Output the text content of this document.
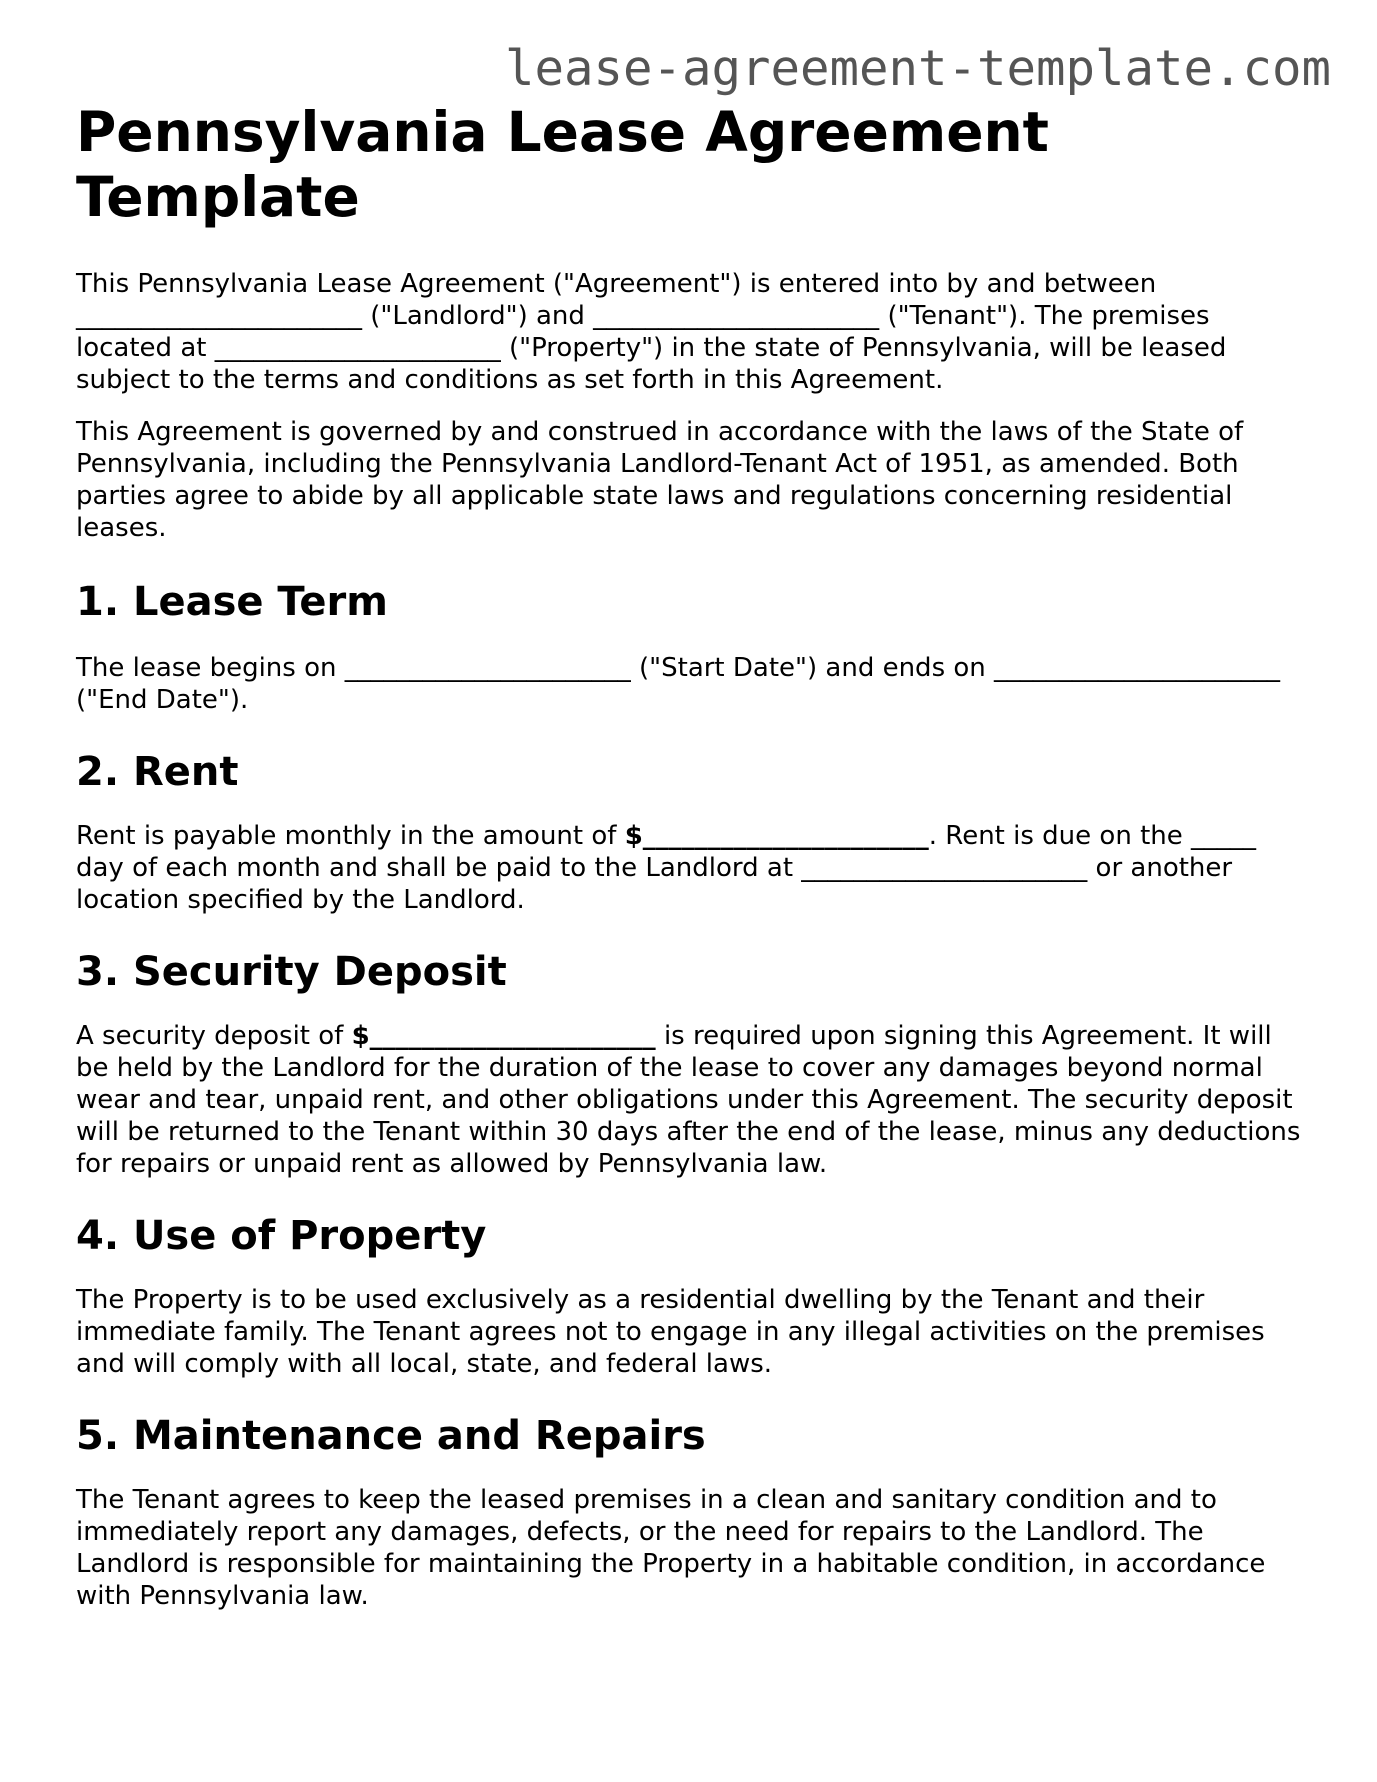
lease-agreement-template.com
Pennsylvania Lease Agreement Template

This Pennsylvania Lease Agreement ("Agreement") is entered into by and between ______________________ ("Landlord") and ______________________ ("Tenant"). The premises located at ______________________ ("Property") in the state of Pennsylvania, will be leased subject to the terms and conditions as set forth in this Agreement.

This Agreement is governed by and construed in accordance with the laws of the State of Pennsylvania, including the Pennsylvania Landlord-Tenant Act of 1951, as amended. Both parties agree to abide by all applicable state laws and regulations concerning residential leases.

1. Lease Term

The lease begins on ______________________ ("Start Date") and ends on ______________________ ("End Date").

2. Rent

Rent is payable monthly in the amount of $______________________. Rent is due on the _____ day of each month and shall be paid to the Landlord at ______________________ or another location specified by the Landlord.

3. Security Deposit

A security deposit of $______________________ is required upon signing this Agreement. It will be held by the Landlord for the duration of the lease to cover any damages beyond normal wear and tear, unpaid rent, and other obligations under this Agreement. The security deposit will be returned to the Tenant within 30 days after the end of the lease, minus any deductions for repairs or unpaid rent as allowed by Pennsylvania law.

4. Use of Property

The Property is to be used exclusively as a residential dwelling by the Tenant and their immediate family. The Tenant agrees not to engage in any illegal activities on the premises and will comply with all local, state, and federal laws.

5. Maintenance and Repairs

The Tenant agrees to keep the leased premises in a clean and sanitary condition and to immediately report any damages, defects, or the need for repairs to the Landlord. The Landlord is responsible for maintaining the Property in a habitable condition, in accordance with Pennsylvania law.
